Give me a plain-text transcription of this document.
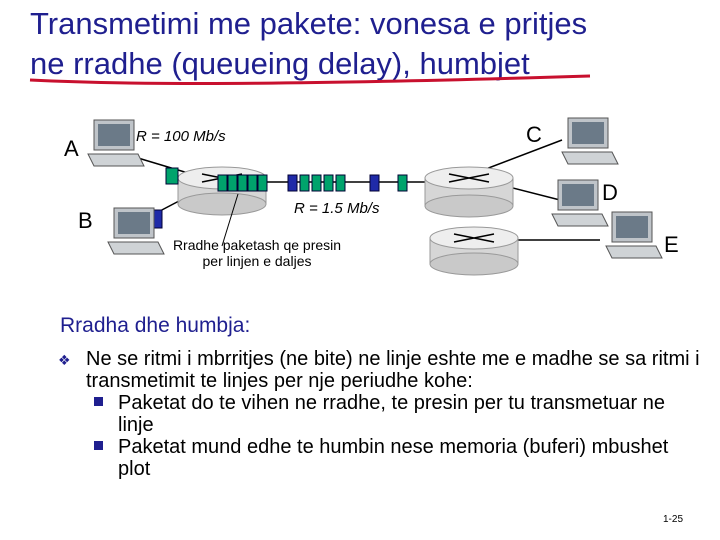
Transmetimi me pakete: vonesa e pritjes
ne rradhe (queueing delay), humbjet
A
B
C
D
E
R = 100 Mb/s
R = 1.5 Mb/s
Rradhe paketash qe presin per linjen e daljes
Rradha dhe humbja:
❖ Ne se ritmi i mbrritjes (ne bite) ne linje eshte me e madhe se sa ritmi i transmetimit te linjes per nje periudhe kohe:
Paketat do te vihen ne rradhe, te presin per tu transmetuar ne linje
Paketat mund edhe te humbin nese memoria (buferi) mbushet plot
1-25
